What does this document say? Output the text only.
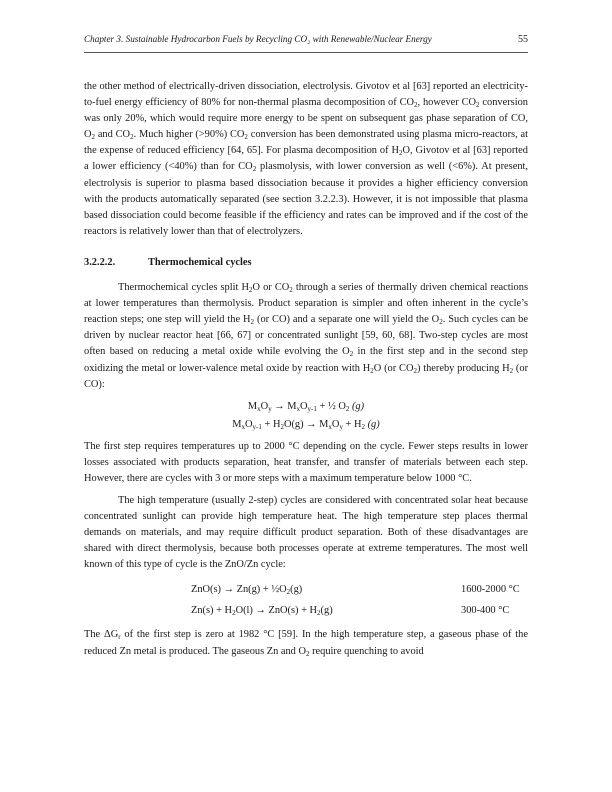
Chapter 3. Sustainable Hydrocarbon Fuels by Recycling CO₂ with Renewable/Nuclear Energy	55

the other method of electrically-driven dissociation, electrolysis. Givotov et al [63] reported an electricity-to-fuel energy efficiency of 80% for non-thermal plasma decomposition of $CO_2$, however $CO_2$ conversion was only 20%, which would require more energy to be spent on subsequent gas phase separation of CO, $O_2$ and $CO_2$. Much higher (>90%) $CO_2$ conversion has been demonstrated using plasma micro-reactors, at the expense of reduced efficiency [64, 65]. For plasma decomposition of $H_2O$, Givotov et al [63] reported a lower efficiency (<40%) than for $CO_2$ plasmolysis, with lower conversion as well (<6%). At present, electrolysis is superior to plasma based dissociation because it provides a higher efficiency conversion with the products automatically separated (see section 3.2.2.3). However, it is not impossible that plasma based dissociation could become feasible if the efficiency and rates can be improved and if the cost of the reactors is relatively lower than that of electrolyzers.

3.2.2.2.	Thermochemical cycles

Thermochemical cycles split $H_2O$ or $CO_2$ through a series of thermally driven chemical reactions at lower temperatures than thermolysis. Product separation is simpler and often inherent in the cycle’s reaction steps; one step will yield the $H_2$ (or CO) and a separate one will yield the $O_2$. Such cycles can be driven by nuclear reactor heat [66, 67] or concentrated sunlight [59, 60, 68]. Two-step cycles are most often based on reducing a metal oxide while evolving the $O_2$ in the first step and in the second step oxidizing the metal or lower-valence metal oxide by reaction with $H_2O$ (or $CO_2$) thereby producing $H_2$ (or CO):

$M_xO_y \to M_xO_{y-1}$ + ½ $O_2$ (g)
$M_xO_{y-1} + H_2O(g) \to M_xO_y + H_2$ (g)

The first step requires temperatures up to 2000 °C depending on the cycle. Fewer steps results in lower losses associated with products separation, heat transfer, and transfer of materials between each step. However, there are cycles with 3 or more steps with a maximum temperature below 1000 °C.

The high temperature (usually 2-step) cycles are considered with concentrated solar heat because concentrated sunlight can provide high temperature heat. The high temperature step places thermal demands on materials, and may require difficult product separation. Both of these disadvantages are shared with direct thermolysis, because both processes operate at extreme temperatures. The most well known of this type of cycle is the ZnO/Zn cycle:

$ZnO(s) \to Zn(g) + \frac{1}{2}O_2(g)$	1600-2000 °C
$Zn(s) + H_2O(l) \to ZnO(s) + H_2(g)$	300-400 °C

The $\Delta G_r$ of the first step is zero at 1982 °C [59]. In the high temperature step, a gaseous phase of the reduced Zn metal is produced. The gaseous Zn and $O_2$ require quenching to avoid
